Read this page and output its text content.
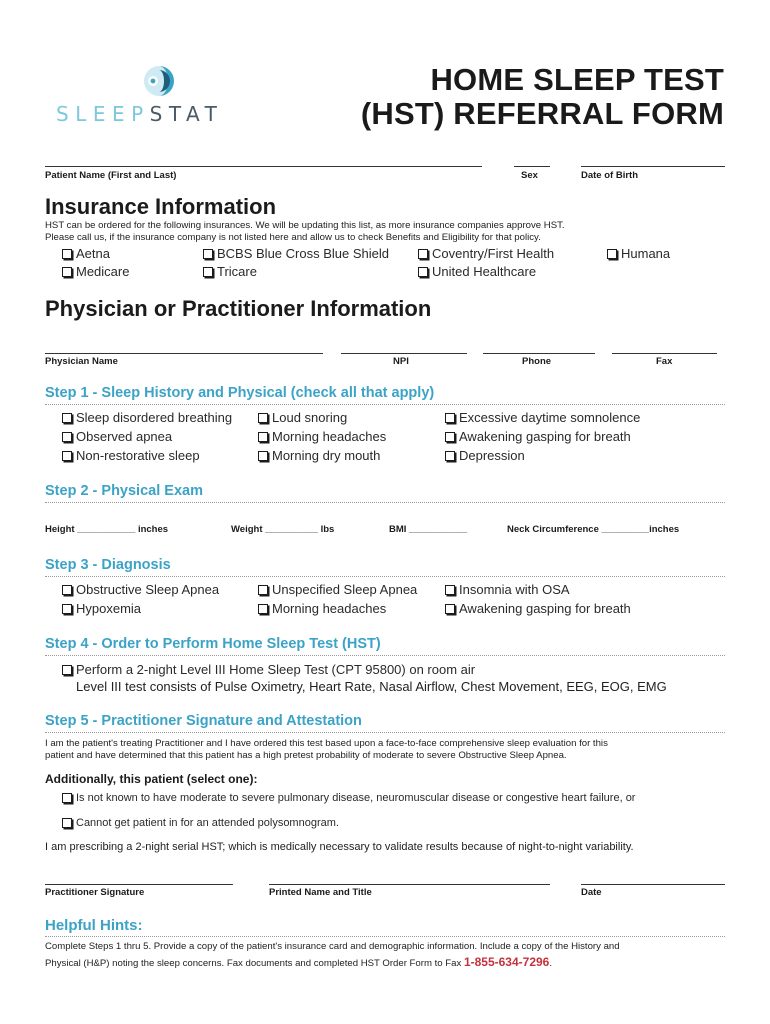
SLEEPSTAT
HOME SLEEP TEST
(HST) REFERRAL FORM
Patient Name (First and Last)	Sex	Date of Birth
Insurance Information
HST can be ordered for the following insurances. We will be updating this list, as more insurance companies approve HST.
Please call us, if the insurance company is not listed here and allow us to check Benefits and Eligibility for that policy.
Aetna	BCBS Blue Cross Blue Shield	Coventry/First Health	Humana
Medicare	Tricare	United Healthcare
Physician or Practitioner Information
Physician Name	NPI	Phone	Fax
Step 1 - Sleep History and Physical (check all that apply)
Sleep disordered breathing	Loud snoring	Excessive daytime somnolence
Observed apnea	Morning headaches	Awakening gasping for breath
Non-restorative sleep	Morning dry mouth	Depression
Step 2 - Physical Exam
Height ___________ inches	Weight __________ lbs	BMI ___________	Neck Circumference _________inches
Step 3 - Diagnosis
Obstructive Sleep Apnea	Unspecified Sleep Apnea	Insomnia with OSA
Hypoxemia	Morning headaches	Awakening gasping for breath
Step 4 - Order to Perform Home Sleep Test (HST)
Perform a 2-night Level III Home Sleep Test (CPT 95800) on room air
Level III test consists of Pulse Oximetry, Heart Rate, Nasal Airflow, Chest Movement, EEG, EOG, EMG
Step 5 - Practitioner Signature and Attestation
I am the patient's treating Practitioner and I have ordered this test based upon a face-to-face comprehensive sleep evaluation for this
patient and have determined that this patient has a high pretest probability of moderate to severe Obstructive Sleep Apnea.
Additionally, this patient (select one):
Is not known to have moderate to severe pulmonary disease, neuromuscular disease or congestive heart failure, or
Cannot get patient in for an attended polysomnogram.
I am prescribing a 2-night serial HST; which is medically necessary to validate results because of night-to-night variability.
Practitioner Signature	Printed Name and Title	Date
Helpful Hints:
Complete Steps 1 thru 5. Provide a copy of the patient's insurance card and demographic information. Include a copy of the History and
Physical (H&P) noting the sleep concerns. Fax documents and completed HST Order Form to Fax 1-855-634-7296.
